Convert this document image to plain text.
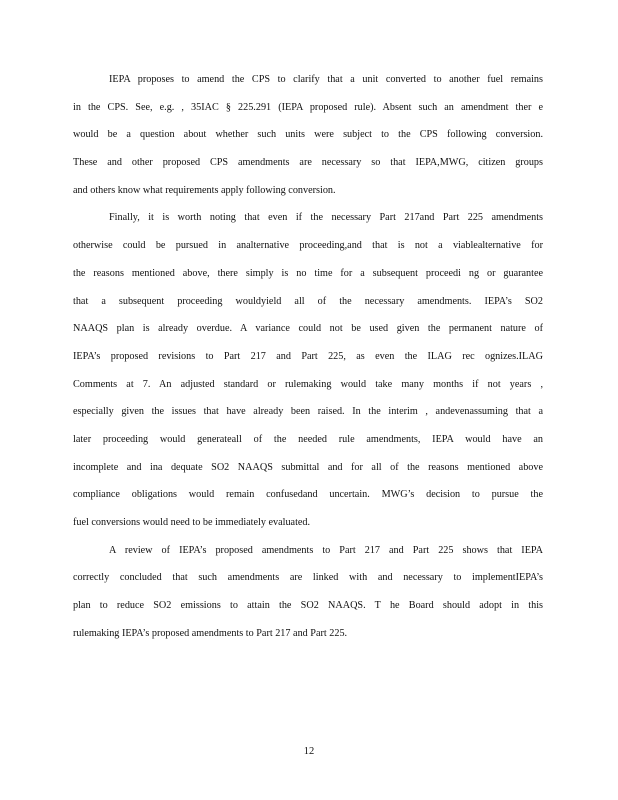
IEPA proposes to amend the CPS to clarify that a unit converted to another fuel remains
in the CPS. See, e.g. , 35IAC § 225.291 (IEPA proposed rule). Absent such an amendment ther e
would be a question about whether such units were subject to the CPS following conversion.
These and other proposed CPS amendments are necessary so that IEPA,MWG, citizen groups
and others know what requirements apply following conversion.
Finally, it is worth noting that even if the necessary Part 217and Part 225 amendments
otherwise could be pursued in analternative proceeding,and that is not a viablealternative for
the reasons mentioned above, there simply is no time for a subsequent proceedi ng or guarantee
that a subsequent proceeding wouldyield all of the necessary amendments. IEPA’s SO2
NAAQS plan is already overdue. A variance could not be used given the permanent nature of
IEPA’s proposed revisions to Part 217 and Part 225, as even the ILAG rec ognizes.ILAG
Comments at 7. An adjusted standard or rulemaking would take many months if not years ,
especially given the issues that have already been raised. In the interim , andevenassuming that a
later proceeding would generateall of the needed rule amendments, IEPA would have an
incomplete and ina dequate SO2 NAAQS submittal and for all of the reasons mentioned above
compliance obligations would remain confusedand uncertain. MWG’s decision to pursue the
fuel conversions would need to be immediately evaluated.
A review of IEPA’s proposed amendments to Part 217 and Part 225 shows that IEPA
correctly concluded that such amendments are linked with and necessary to implementIEPA’s
plan to reduce SO2 emissions to attain the SO2 NAAQS. T he Board should adopt in this
rulemaking IEPA’s proposed amendments to Part 217 and Part 225.
12
